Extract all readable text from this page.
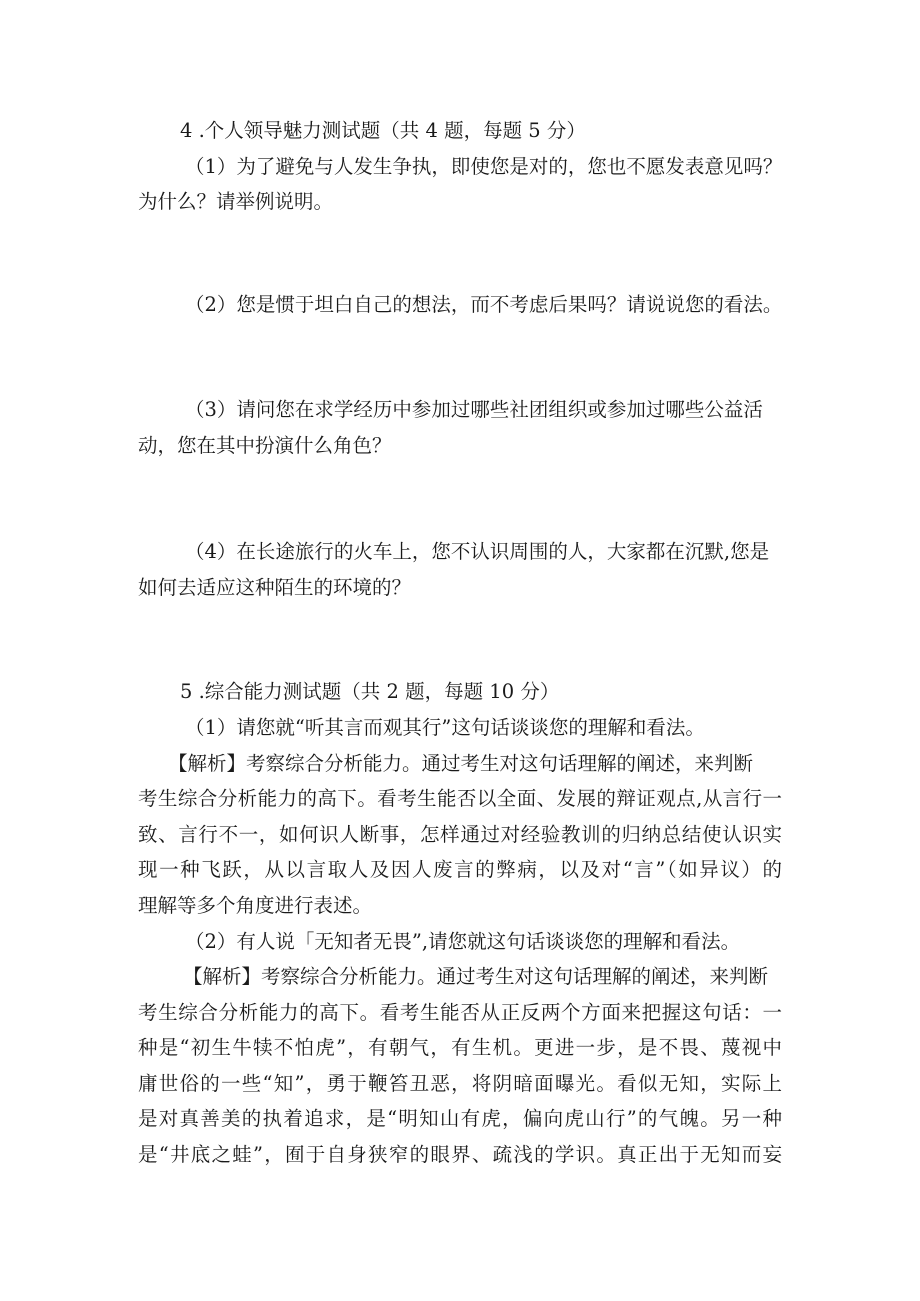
4 .个人领导魅力测试题（共 4 题，每题 5 分）
（1）为了避免与人发生争执，即使您是对的，您也不愿发表意见吗？
为什么？请举例说明。
（2）您是惯于坦白自己的想法，而不考虑后果吗？请说说您的看法。
（3）请问您在求学经历中参加过哪些社团组织或参加过哪些公益活
动，您在其中扮演什么角色？
（4）在长途旅行的火车上，您不认识周围的人，大家都在沉默,您是
如何去适应这种陌生的环境的？
5 .综合能力测试题（共 2 题，每题 10 分）
（1）请您就“听其言而观其行”这句话谈谈您的理解和看法。
【解析】考察综合分析能力。通过考生对这句话理解的阐述，来判断
考生综合分析能力的高下。看考生能否以全面、发展的辩证观点,从言行一
致、言行不一，如何识人断事，怎样通过对经验教训的归纳总结使认识实
现一种飞跃，从以言取人及因人废言的弊病，以及对“言”（如异议）的
理解等多个角度进行表述。
（2）有人说「无知者无畏”,请您就这句话谈谈您的理解和看法。
【解析】考察综合分析能力。通过考生对这句话理解的阐述，来判断
考生综合分析能力的高下。看考生能否从正反两个方面来把握这句话：一
种是“初生牛犊不怕虎”，有朝气，有生机。更进一步，是不畏、蔑视中
庸世俗的一些“知”，勇于鞭笞丑恶，将阴暗面曝光。看似无知，实际上
是对真善美的执着追求，是“明知山有虎，偏向虎山行”的气魄。另一种
是“井底之蛙”，囿于自身狭窄的眼界、疏浅的学识。真正出于无知而妄
